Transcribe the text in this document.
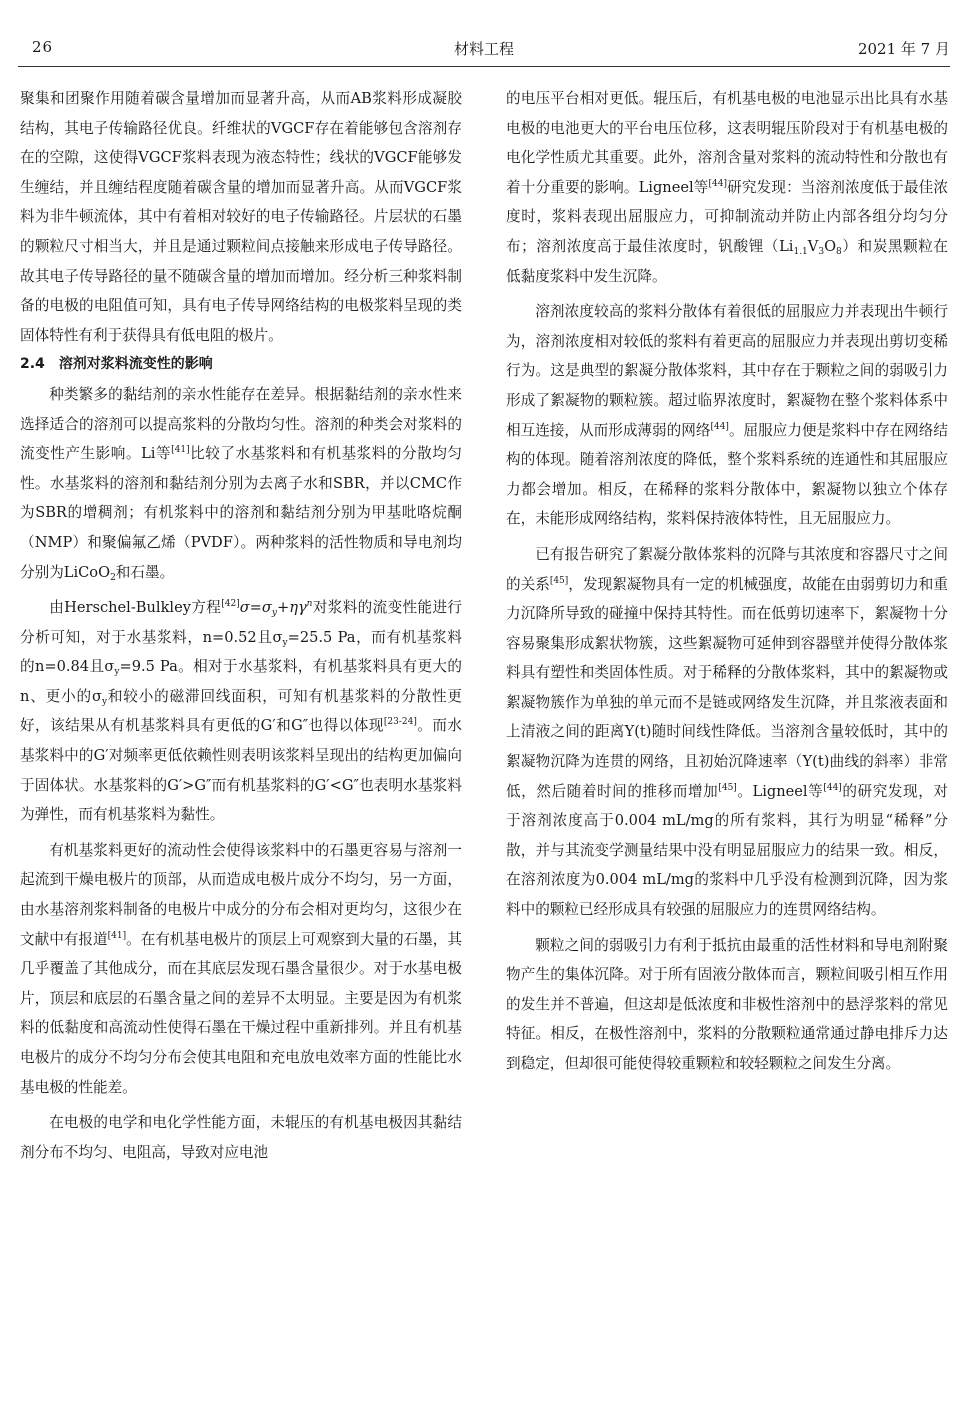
26	材料工程	2021 年 7 月

聚集和团聚作用随着碳含量增加而显著升高，从而AB浆料形成凝胶结构，其电子传输路径优良。纤维状的VGCF存在着能够包含溶剂存在的空隙，这使得VGCF浆料表现为液态特性；线状的VGCF能够发生缠结，并且缠结程度随着碳含量的增加而显著升高。从而VGCF浆料为非牛顿流体，其中有着相对较好的电子传输路径。片层状的石墨的颗粒尺寸相当大，并且是通过颗粒间点接触来形成电子传导路径。故其电子传导路径的量不随碳含量的增加而增加。经分析三种浆料制备的电极的电阻值可知，具有电子传导网络结构的电极浆料呈现的类固体特性有利于获得具有低电阻的极片。

2.4 溶剂对浆料流变性的影响

种类繁多的黏结剂的亲水性能存在差异。根据黏结剂的亲水性来选择适合的溶剂可以提高浆料的分散均匀性。溶剂的种类会对浆料的流变性产生影响。Li等[41]比较了水基浆料和有机基浆料的分散均匀性。水基浆料的溶剂和黏结剂分别为去离子水和SBR，并以CMC作为SBR的增稠剂；有机浆料中的溶剂和黏结剂分别为甲基吡咯烷酮（NMP）和聚偏氟乙烯（PVDF）。两种浆料的活性物质和导电剂均分别为LiCoO$_2$和石墨。

由Herschel-Bulkley方程$[42]\sigma=\sigma_y+\eta\gamma^n$对浆料的流变性能进行分析可知，对于水基浆料，n=0.52且$\sigma_y=25.5$ Pa，而有机基浆料的n=0.84且$\sigma_y=9.5$ Pa。相对于水基浆料，有机基浆料具有更大的n、更小的$\sigma_y$和较小的磁滞回线面积，可知有机基浆料的分散性更好，该结果从有机基浆料具有更低的G′和G″也得以体现[23-24]。而水基浆料中的G′对频率更低依赖性则表明该浆料呈现出的结构更加偏向于固体状。水基浆料的G′>G″而有机基浆料的G′<G″也表明水基浆料为弹性，而有机基浆料为黏性。

有机基浆料更好的流动性会使得该浆料中的石墨更容易与溶剂一起流到干燥电极片的顶部，从而造成电极片成分不均匀，另一方面，由水基溶剂浆料制备的电极片中成分的分布会相对更均匀，这很少在文献中有报道[41]。在有机基电极片的顶层上可观察到大量的石墨，其几乎覆盖了其他成分，而在其底层发现石墨含量很少。对于水基电极片，顶层和底层的石墨含量之间的差异不太明显。主要是因为有机浆料的低黏度和高流动性使得石墨在干燥过程中重新排列。并且有机基电极片的成分不均匀分布会使其电阻和充电放电效率方面的性能比水基电极的性能差。

在电极的电学和电化学性能方面，未辊压的有机基电极因其黏结剂分布不均匀、电阻高，导致对应电池

的电压平台相对更低。辊压后，有机基电极的电池显示出比具有水基电极的电池更大的平台电压位移，这表明辊压阶段对于有机基电极的电化学性质尤其重要。此外，溶剂含量对浆料的流动特性和分散也有着十分重要的影响。Ligneel等[44]研究发现：当溶剂浓度低于最佳浓度时，浆料表现出屈服应力，可抑制流动并防止内部各组分均匀分布；溶剂浓度高于最佳浓度时，钒酸锂$(Li_{1.1}V_3O_8)$和炭黑颗粒在低黏度浆料中发生沉降。

溶剂浓度较高的浆料分散体有着很低的屈服应力并表现出牛顿行为，溶剂浓度相对较低的浆料有着更高的屈服应力并表现出剪切变稀行为。这是典型的絮凝分散体浆料，其中存在于颗粒之间的弱吸引力形成了絮凝物的颗粒簇。超过临界浓度时，絮凝物在整个浆料体系中相互连接，从而形成薄弱的网络[44]。屈服应力便是浆料中存在网络结构的体现。随着溶剂浓度的降低，整个浆料系统的连通性和其屈服应力都会增加。相反，在稀释的浆料分散体中，絮凝物以独立个体存在，未能形成网络结构，浆料保持液体特性，且无屈服应力。

已有报告研究了絮凝分散体浆料的沉降与其浓度和容器尺寸之间的关系[45]，发现絮凝物具有一定的机械强度，故能在由弱剪切力和重力沉降所导致的碰撞中保持其特性。而在低剪切速率下，絮凝物十分容易聚集形成絮状物簇，这些絮凝物可延伸到容器壁并使得分散体浆料具有塑性和类固体性质。对于稀释的分散体浆料，其中的絮凝物或絮凝物簇作为单独的单元而不是链或网络发生沉降，并且浆液表面和上清液之间的距离Y(t)随时间线性降低。当溶剂含量较低时，其中的絮凝物沉降为连贯的网络，且初始沉降速率（Y(t)曲线的斜率）非常低，然后随着时间的推移而增加[45]。Ligneel等[44]的研究发现，对于溶剂浓度高于0.004 mL/mg的所有浆料，其行为明显“稀释”分散，并与其流变学测量结果中没有明显屈服应力的结果一致。相反，在溶剂浓度为0.004 mL/mg的浆料中几乎没有检测到沉降，因为浆料中的颗粒已经形成具有较强的屈服应力的连贯网络结构。

颗粒之间的弱吸引力有利于抵抗由最重的活性材料和导电剂附聚物产生的集体沉降。对于所有固液分散体而言，颗粒间吸引相互作用的发生并不普遍，但这却是低浓度和非极性溶剂中的悬浮浆料的常见特征。相反，在极性溶剂中，浆料的分散颗粒通常通过静电排斥力达到稳定，但却很可能使得较重颗粒和较轻颗粒之间发生分离。
